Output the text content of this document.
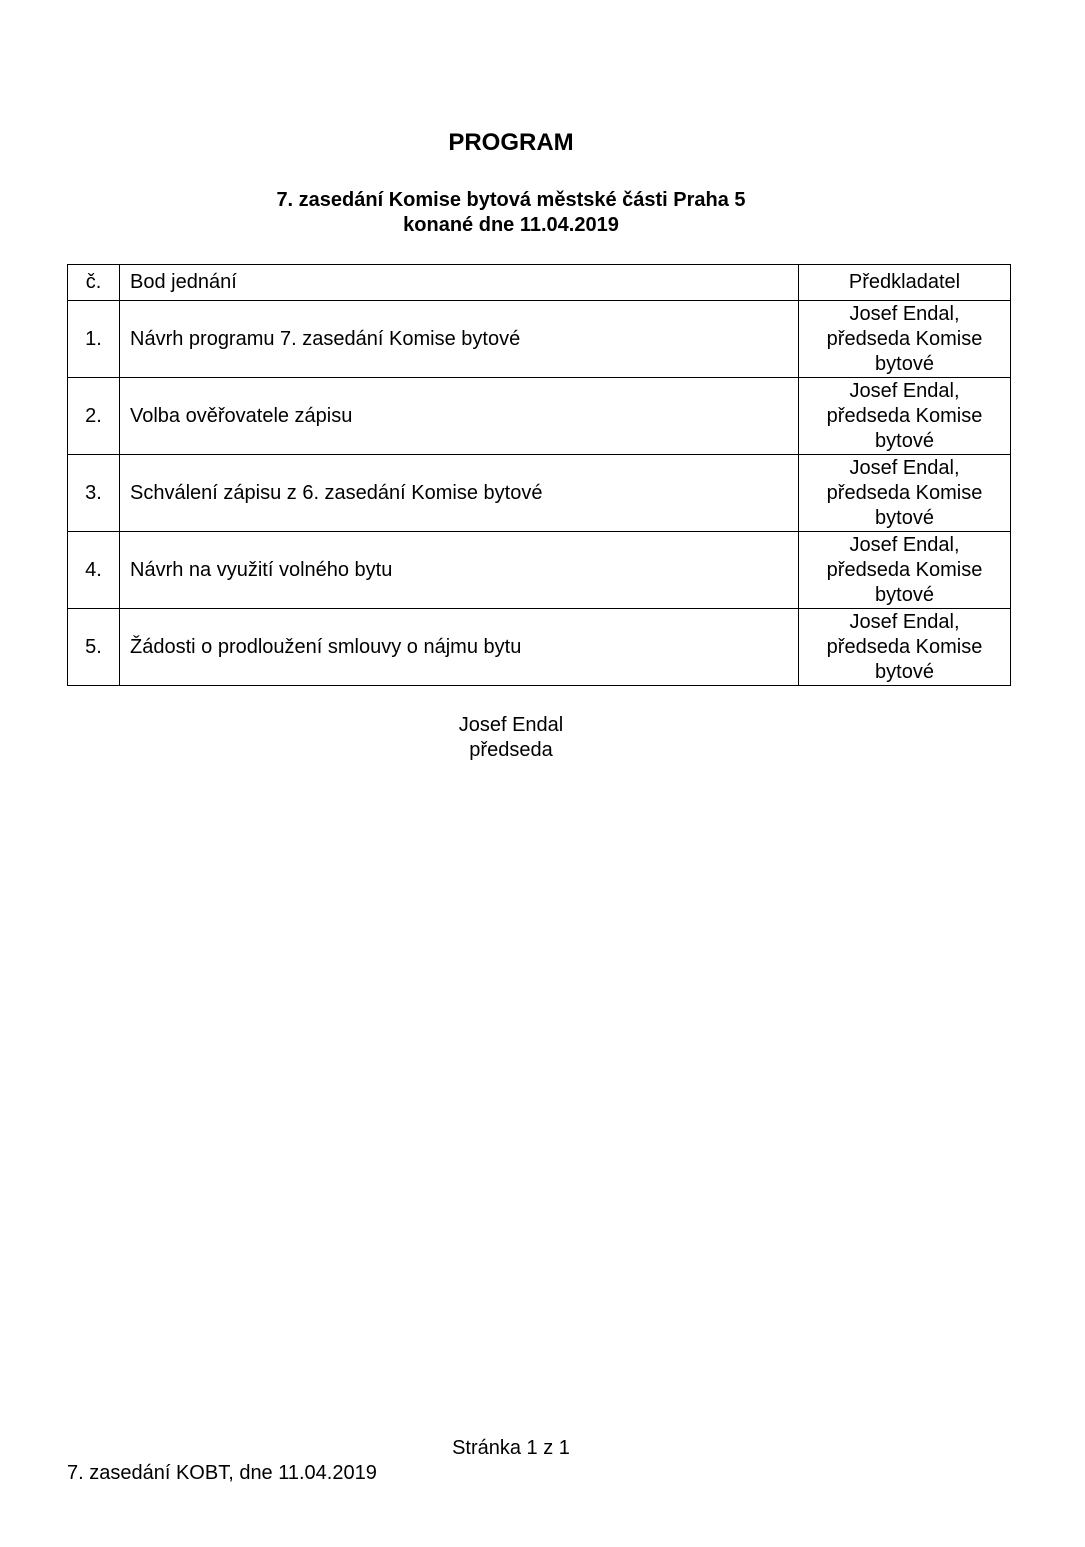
PROGRAM
7. zasedání Komise bytová městské části Praha 5
konané dne 11.04.2019
č.	Bod jednání	Předkladatel
1.	Návrh programu 7. zasedání Komise bytové	Josef Endal,
předseda Komise
bytové

2.	Volba ověřovatele zápisu	Josef Endal,
předseda Komise
bytové

3.	Schválení zápisu z 6. zasedání Komise bytové	Josef Endal,
předseda Komise
bytové

4.	Návrh na využití volného bytu	Josef Endal,
předseda Komise
bytové

5.	Žádosti o prodloužení smlouvy o nájmu bytu	Josef Endal,
předseda Komise
bytové
Josef Endal
předseda
Stránka 1 z 1
7. zasedání KOBT, dne 11.04.2019
